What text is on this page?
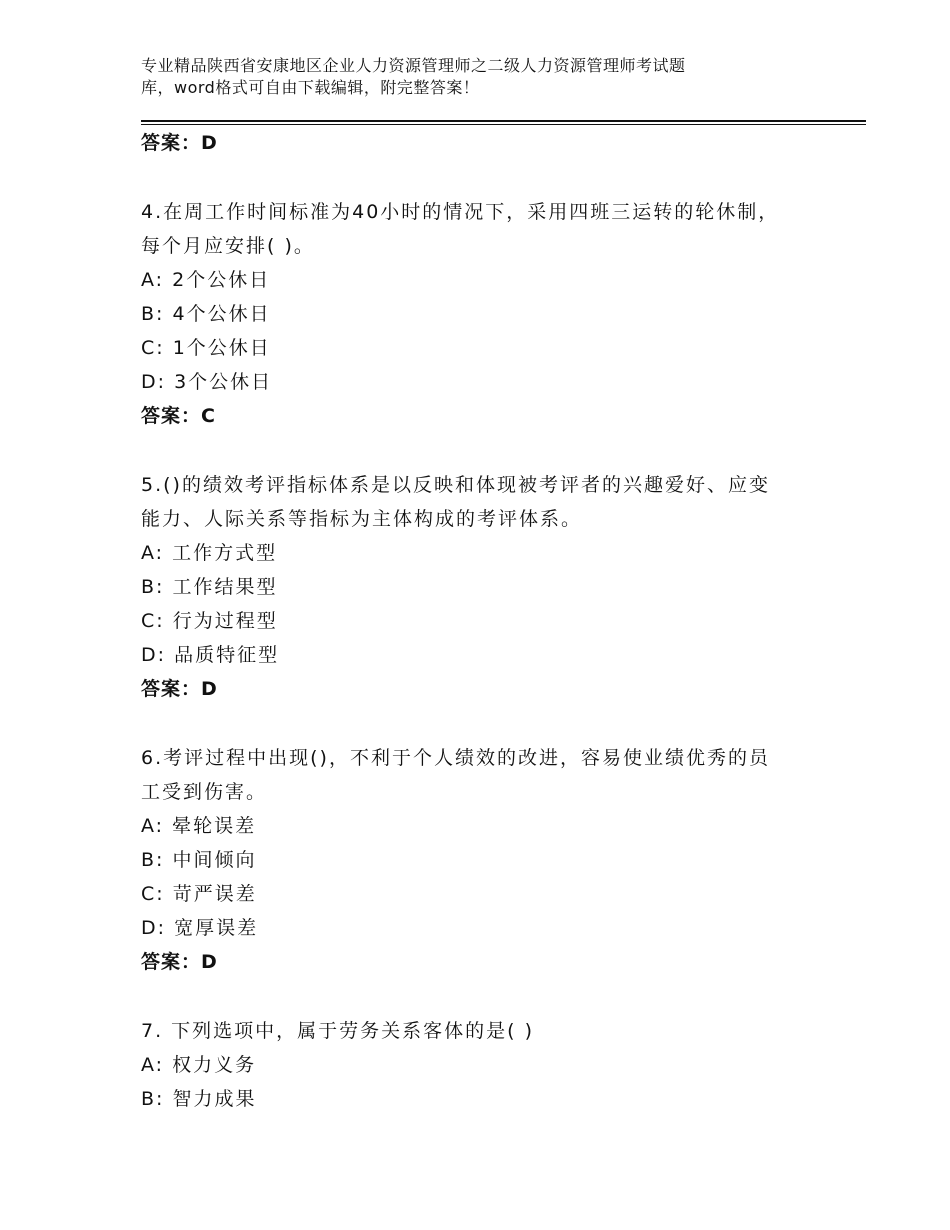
专业精品陕西省安康地区企业人力资源管理师之二级人力资源管理师考试题
库，word格式可自由下载编辑，附完整答案！
答案：D
4.在周工作时间标准为40小时的情况下，采用四班三运转的轮休制，
每个月应安排( )。
A: 2个公休日
B: 4个公休日
C: 1个公休日
D: 3个公休日
答案：C
5.()的绩效考评指标体系是以反映和体现被考评者的兴趣爱好、应变
能力、人际关系等指标为主体构成的考评体系。
A: 工作方式型
B: 工作结果型
C: 行为过程型
D: 品质特征型
答案：D
6.考评过程中出现()，不利于个人绩效的改进，容易使业绩优秀的员
工受到伤害。
A: 晕轮误差
B: 中间倾向
C: 苛严误差
D: 宽厚误差
答案：D
7. 下列选项中，属于劳务关系客体的是( )
A: 权力义务
B: 智力成果
